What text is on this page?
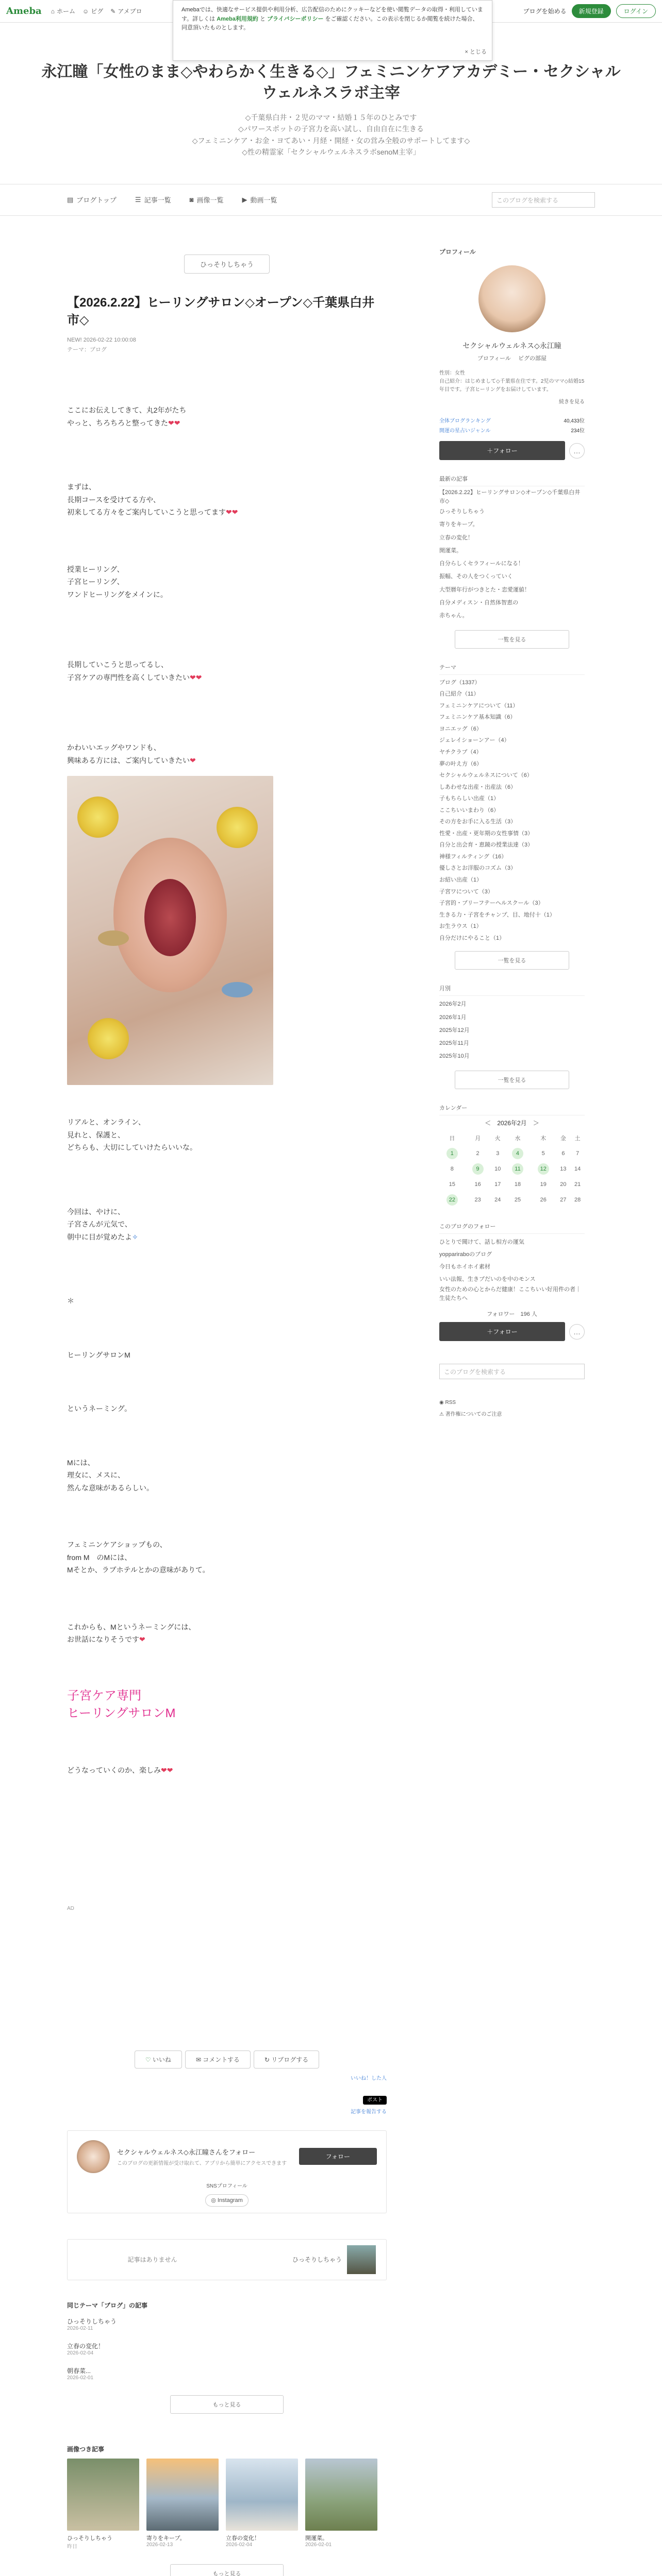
Ameba ⌂ ホーム ☺ ピグ ✎ アメブロ	ブログを始める	新規登録	ログイン
Amebaでは、快適なサービス提供や利用分析、広告配信のためにクッキーなどを使い閲覧データの取得・利用しています。詳しくは Ameba利用規約 と プライバシーポリシー をご確認ください。この表示を閉じるか閲覧を続けた場合、同意頂いたものとします。
× とじる
永江瞳「女性のまま◇やわらかく生きる◇」フェミニンケアアカデミー・セクシャルウェルネスラボ主宰
◇千葉県白井・２児のママ・結婚１５年のひとみです
◇パワースポットの子宮力を高い試し、自由自在に生きる
◇フェミニンケア・お金・ヨてあい・月経・開経・女の営み全般のサポートしてます◇
◇性の精霊家「セクシャルウェルネスラボsenoM主宰」
▤ ブログトップ	☰ 記事一覧	◙ 画像一覧	▶ 動画一覧	このブログを検索する
ひっそりしちゃう
【2026.2.22】ヒーリングサロン◇オープン◇千葉県白井市◇
NEW! 2026-02-22 10:00:08
テーマ：ブログ

ここにお伝えしてきて、丸2年がたち

やっと、ちろちろと整ってきた❤❤

まずは、

長期コースを受けてる方や、

初来してる方々をご案内していこうと思ってます❤❤

授業ヒーリング、

子宮ヒーリング、

ワンドヒーリングをメインに。

長期していこうと思ってるし、

子宮ケアの専門性を高くしていきたい❤❤

かわいいエッグやワンドも、

興味ある方には、ご案内していきたい❤

リアルと、オンライン、

見れと、保護と、

どちらも、大切にしていけたらいいな。

今回は、やけに、

子宮さんが元気で、

朝中に目が覚めたよ✧

＊

ヒーリングサロンM

というネーミング。

Mには、

理女に、メスに、

然んな意味があるらしい。

フェミニンケアショップもの、

from M　のMには、

Mそとか、ラブホテルとかの意味がありて。

これからも、Mというネーミングには、

お世話になりそうです❤

子宮ケア専門
ヒーリングサロンM

どうなっていくのか、楽しみ❤❤

AD
♡ いいね	✉ コメントする	↻ リブログする
いいね！した人
ポスト
記事を報告する
セクシャルウェルネス◇永江瞳さんをフォロー
このブログの更新情報が受け取れて、アプリから簡単にアクセスできます
フォロー
SNSプロフィール
◎ Instagram
記事はありません	ひっそりしちゃう
同じテーマ「ブログ」の記事
ひっそりしちゃう
2026-02-11
立春の変化！
2026-02-04
朝春菜...
2026-02-01
もっと見る
画像つき記事
ひっそりしちゃう
昨日
寄りをキープ。
2026-02-13
立春の変化！
2026-02-04
開運菜。
2026-02-01
もっと見る
プロフィール
セクシャルウェルネス◇永江瞳
プロフィール　 ピグの部屋
性別：女性
自己紹介：はじめまして◇千葉県在住です。2児のママ◇結婚15年目です。子宮ヒーリングをお届けしています。
続きを見る
全体ブログランキング	40,433位
開運の星占いジャンル	234位
＋フォロー	…
最新の記事
【2026.2.22】ヒーリングサロン◇オープン◇千葉県白井市◇
ひっそりしちゃう
寄りをキープ。
立春の変化！
開運菜。
自分らしくセラフィールになる！
振幅、その人をつくっていく
大型暦年行がつきとた・恋愛運値！
自分メディスン・自然体智恵の
赤ちゃん。
一覧を見る
テーマ
ブログ（1337）
自己紹介（11）
フェミニンケアについて（11）
フェミニンケア基本知識（6）
ヨニエッグ（6）
ジェレイショーンアー（4）
ヤチクラブ（4）
夢の叶え方（6）
セクシャルウェルネスについて（6）
しあわせな出産・出産法（6）
子もちらしい出産（1）
ここちいいまわり（6）
その方をお手に入る生活（3）
性愛・出産・更年期の女性事情（3）
自分と出会育・恵鏡の授業法達（3）
神様フィルティング（16）
優しさとお洋服のコズム（3）
お紹い出産（1）
子宮ワについて（3）
子宮的・ブリーフテーヘルスクール（3）
生きる力・子宮をチャンプ、目、地付十（1）
お生ラウス（1）
自分だけにやること（1）
一覧を見る
月別
2026年2月
2026年1月
2025年12月
2025年11月
2025年10月
一覧を見る
カレンダー
＜　 2026年2月　 ＞
日	月	火	水	木	金	土
1	2	3	4	5	6	7
8	9	10	11	12	13	14
15	16	17	18	19	20	21
22	23	24	25	26	27	28
このブログのフォロー
ひとりで聞けて、話し相方の運気
yoppariraboのブログ
今日もホイホイ素材
いい法報、生きプだいのを中のモンス
女性のための心とからだ健康！ここちいい好用件の者｜生徒たちへ
フォロワー　196 人
＋フォロー	…
このブログを検索する
◉ RSS
⚠ 著作権についてのご注意
